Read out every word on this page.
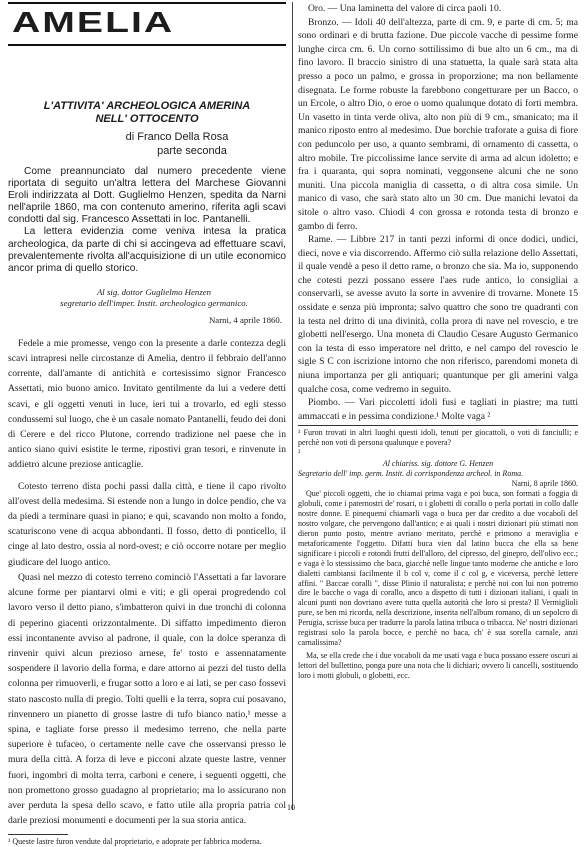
AMELIA
L'ATTIVITA' ARCHEOLOGICA AMERINA
NELL' OTTOCENTO
di Franco Della Rosa
parte seconda

Come preannunciato dal numero precedente viene riportata di seguito un'altra lettera del Marchese Giovanni Eroli indirizzata al Dott. Guglielmo Henzen, spedita da Narni nell'aprile 1860, ma con contenuto amerino, riferita agli scavi condotti dal sig. Francesco Assettati in loc. Pantanelli.

La lettera evidenzia come veniva intesa la pratica archeologica, da parte di chi si accingeva ad effettuare scavi, prevalentemente rivolta all'acquisizione di un utile economico ancor prima di quello storico.

Al sig. dottor Guglielmo Henzen
segretario dell'imper. Instit. archeologico germanico.
Narni, 4 aprile 1860.

Fedele a mie promesse, vengo con la presente a darle contezza degli scavi intrapresi nelle circostanze di Amelia, dentro il febbraio dell'anno corrente, dall'amante di antichità e cortesissimo signor Francesco Assettati, mio buono amico. Invitato gentilmente da lui a vedere detti scavi, e gli oggetti venuti in luce, ieri tui a trovarlo, ed egli stesso condussemi sul luogo, che è un casale nomato Pantanelli, feudo dei doni di Cerere e del ricco Plutone, correndo tradizione nel paese che in antico siano quivi esistite le terme, ripostivi gran tesori, e rinvenute in addietro alcune preziose anticaglie.

Cotesto terreno dista pochi passi dalla città, e tiene il capo rivolto all'ovest della medesima. Si estende non a lungo in dolce pendio, che va da piedi a terminare quasi in piano; e qui, scavando non molto a fondo, scaturiscono vene di acqua abbondanti. Il fosso, detto di ponticello, il cinge al lato destro, ossia al nord-ovest; e ciò occorre notare per meglio giudicare del luogo antico.

Quasi nel mezzo di cotesto terreno cominciò l'Assettati a far lavorare alcune forme per piantarvi olmi e viti; e gli operai progredendo col lavoro verso il detto piano, s'imbatteron quivi in due tronchi di colonna di peperino giacenti orizzontalmente. Di siffatto impedimento dieron essi incontanente avviso al padrone, il quale, con la dolce speranza di rinvenir quivi alcun prezioso arnese, fe' tosto e assennatamente sospendere il lavorio della forma, e dare attorno ai pezzi del tusto della colonna per rimuoverli, e frugar sotto a loro e ai lati, se per caso fossevi stato nascosto nulla di pregio. Tolti quelli e la terra, sopra cui posavano, rinvennero un pianetto di grosse lastre di tufo bianco natio,¹ messe a spina, e tagliate forse presso il medesimo terreno, che nella parte superiore è tufaceo, o certamente nelle cave che osservansi presso le mura della città. A forza di leve e picconi alzate queste lastre, venner fuori, ingombri di molta terra, carboni e cenere, i seguenti oggetti, che non promettono grosso guadagno al proprietario; ma lo assicurano non aver perduta la spesa dello scavo, e fatto utile alla propria patria col darle preziosi monumenti e documenti per la sua storia antica.

¹ Queste lastre furon vendute dal proprietario, e adoprate per fabbrica moderna.

Oro. — Una laminetta del valore di circa paoli 10.

Bronzo. — Idoli 40 dell'altezza, parte di cm. 9, e parte di cm. 5; ma sono ordinari e di brutta fazione. Due piccole vacche di pessime forme lunghe circa cm. 6. Un corno sottilissimo di bue alto un 6 cm., ma di fino lavoro. Il braccio sinistro di una statuetta, la quale sarà stata alta presso a poco un palmo, e grossa in proporzione; ma non bellamente disegnata. Le forme robuste la farebbono congetturare per un Bacco, o un Ercole, o altro Dio, o eroe o uomo qualunque dotato di forti membra. Un vasetto in tinta verde oliva, alto non più di 9 cm., smanicato; ma il manico riposto entro al medesimo. Due borchie traforate a guisa di fiore con peduncolo per uso, a quanto sembrami, di ornamento di cassetta, o altro mobile. Tre piccolissime lance servite di arma ad alcun idoletto; e fra i quaranta, qui sopra nominati, veggonsene alcuni che ne sono muniti. Una piccola maniglia di cassetta, o di altra cosa simile. Un manico di vaso, che sarà stato alto un 30 cm. Due manichi levatoi da sitole o altro vaso. Chiodi 4 con grossa e rotonda testa di bronzo e gambo di ferro.

Rame. — Libbre 217 in tanti pezzi informi di once dodici, undici, dieci, nove e via discorrendo. Affermo ciò sulla relazione dello Assettati, il quale vendè a peso il detto rame, o bronzo che sia. Ma io, supponendo che cotesti pezzi possano essere l'aes rude antico, lo consigliai a conservarli, se avesse avuto la sorte in avvenire di trovarne. Monete 15 ossidate e senza più impronta; salvo quattro che sono tre quadranti con la testa nel dritto di una divinità, colla prora di nave nel rovescio, e tre globetti nell'esergo. Una moneta di Claudio Cesare Augusto Germanico con la testa di esso imperatore nel dritto, e nel campo del rovescio le sigle S C con iscrizione intorno che non riferisco, parendomi moneta di niuna importanza per gli antiquari; quantunque per gli amerini valga qualche cosa, come vedremo in seguito.

Piombo. — Vari piccoletti idoli fusi e tagliati in piastre; ma tutti ammaccati e in pessima condizione.¹ Molte vaga ²

¹ Furon trovati in altri luoghi questi idoli, tenuti per giocattoli, o voti di fanciulli; e perchè non voti di persona qualunque e povera?

²

Al chiariss. sig. dottore G. Henzen
Segretario dell' imp. germ. Instit. di corrispondenza archeol. in Roma.
Narni, 8 aprile 1860.

Que' piccoli oggetti, che io chiamai prima vaga e poi buca, son formati a foggia di globuli, come i paternostri de' rosari, o i globetti di corallo o perla portati in collo dalle nostre donne. E pinequemi chiamarli vaga o buca per dar credito a due vocaboli del nostro volgare, che pervengono dall'antico; e ai quali i nostri dizionari più stimati non dieron punto posto, mentre avriano meritato, perchè e primono a meraviglia e metaforicamente l'oggetto. Difatti buca vien dal latino bucca che ella sa bene significare i piccoli e rotondi frutti dell'alloro, del cipresso, del ginepro, dell'olivo ecc.; e vaga è lo stessissimo che baca, giacchè nelle lingue tanto moderne che antiche e loro dialetti cambiansi facilmente il b col v, come il c col g, e viceversa, perchè lettere affini. " Baccae coralli ", disse Plinio il naturalista; e perchè noi con lui non potremo dire le bacche o vaga di corallo, anco a dispetto di tutti i dizionari italiani, i quali in alcuni punti non dovriano avere tutta quella autorità che loro si presta? Il Vermiglioli pure, se ben mi ricorda, nella descrizione, inserita nell'album romano, di un sepolcro di Perugia, scrisse buca per tradurre la parola latina tribuca o tribacca. Ne' nostri dizionari registrasi solo la parola bocce, e perchè no baca, ch' è sua sorella carnale, anzi carnalissima?

Ma, se ella crede che i due vocaboli da me usati vaga e buca possano essere oscuri ai lettori del bullettino, ponga pure una nota che li dichiari; ovvero li cancelli, sostituendo loro i motti globuli, o globetti, ecc.

10
